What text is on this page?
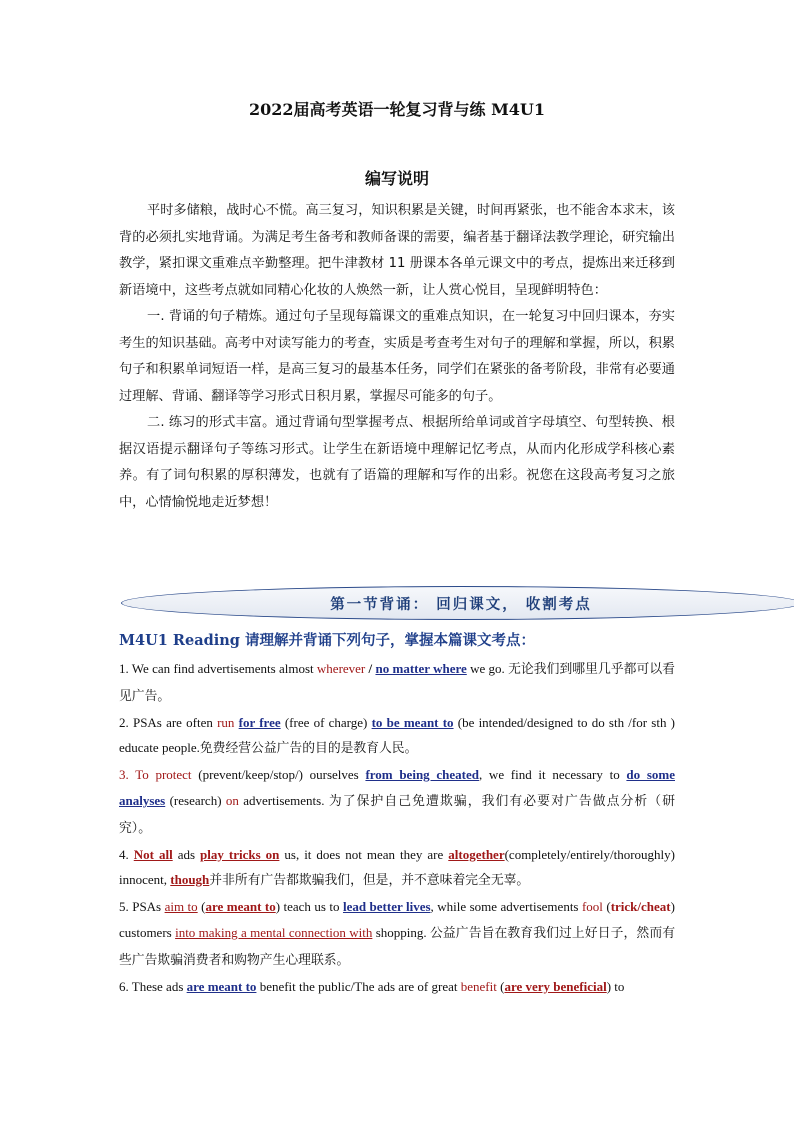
2022届高考英语一轮复习背与练 M4U1
编写说明

平时多储粮，战时心不慌。高三复习，知识积累是关键，时间再紧张，也不能舍本求末，该背的必须扎实地背诵。为满足考生备考和教师备课的需要，编者基于翻译法教学理论，研究输出教学，紧扣课文重难点辛勤整理。把牛津教材 11 册课本各单元课文中的考点，提炼出来迁移到新语境中，这些考点就如同精心化妆的人焕然一新，让人赏心悦目，呈现鲜明特色：

一. 背诵的句子精炼。通过句子呈现每篇课文的重难点知识，在一轮复习中回归课本，夯实考生的知识基础。高考中对读写能力的考查，实质是考查考生对句子的理解和掌握，所以，积累句子和积累单词短语一样，是高三复习的最基本任务，同学们在紧张的备考阶段，非常有必要通过理解、背诵、翻译等学习形式日积月累，掌握尽可能多的句子。

二. 练习的形式丰富。通过背诵句型掌握考点、根据所给单词或首字母填空、句型转换、根据汉语提示翻译句子等练习形式。让学生在新语境中理解记忆考点，从而内化形成学科核心素养。有了词句积累的厚积薄发，也就有了语篇的理解和写作的出彩。祝您在这段高考复习之旅中，心情愉悦地走近梦想！

第一节背诵： 回归课文， 收割考点
M4U1 Reading 请理解并背诵下列句子，掌握本篇课文考点：

1. We can find advertisements almost wherever / no matter where we go. 无论我们到哪里几乎都可以看见广告。

2. PSAs are often run for free (free of charge) to be meant to (be intended/designed to do sth /for sth ) educate people.免费经营公益广告的目的是教育人民。

3. To protect (prevent/keep/stop/) ourselves from being cheated, we find it necessary to do some analyses (research) on advertisements. 为了保护自己免遭欺骗，我们有必要对广告做点分析（研究）。

4. Not all ads play tricks on us, it does not mean they are altogether(completely/entirely/thoroughly) innocent, though并非所有广告都欺骗我们，但是，并不意味着完全无辜。

5. PSAs aim to (are meant to) teach us to lead better lives, while some advertisements fool (trick/cheat) customers into making a mental connection with shopping. 公益广告旨在教育我们过上好日子，然而有些广告欺骗消费者和购物产生心理联系。

6. These ads are meant to benefit the public/The ads are of great benefit (are very beneficial) to
